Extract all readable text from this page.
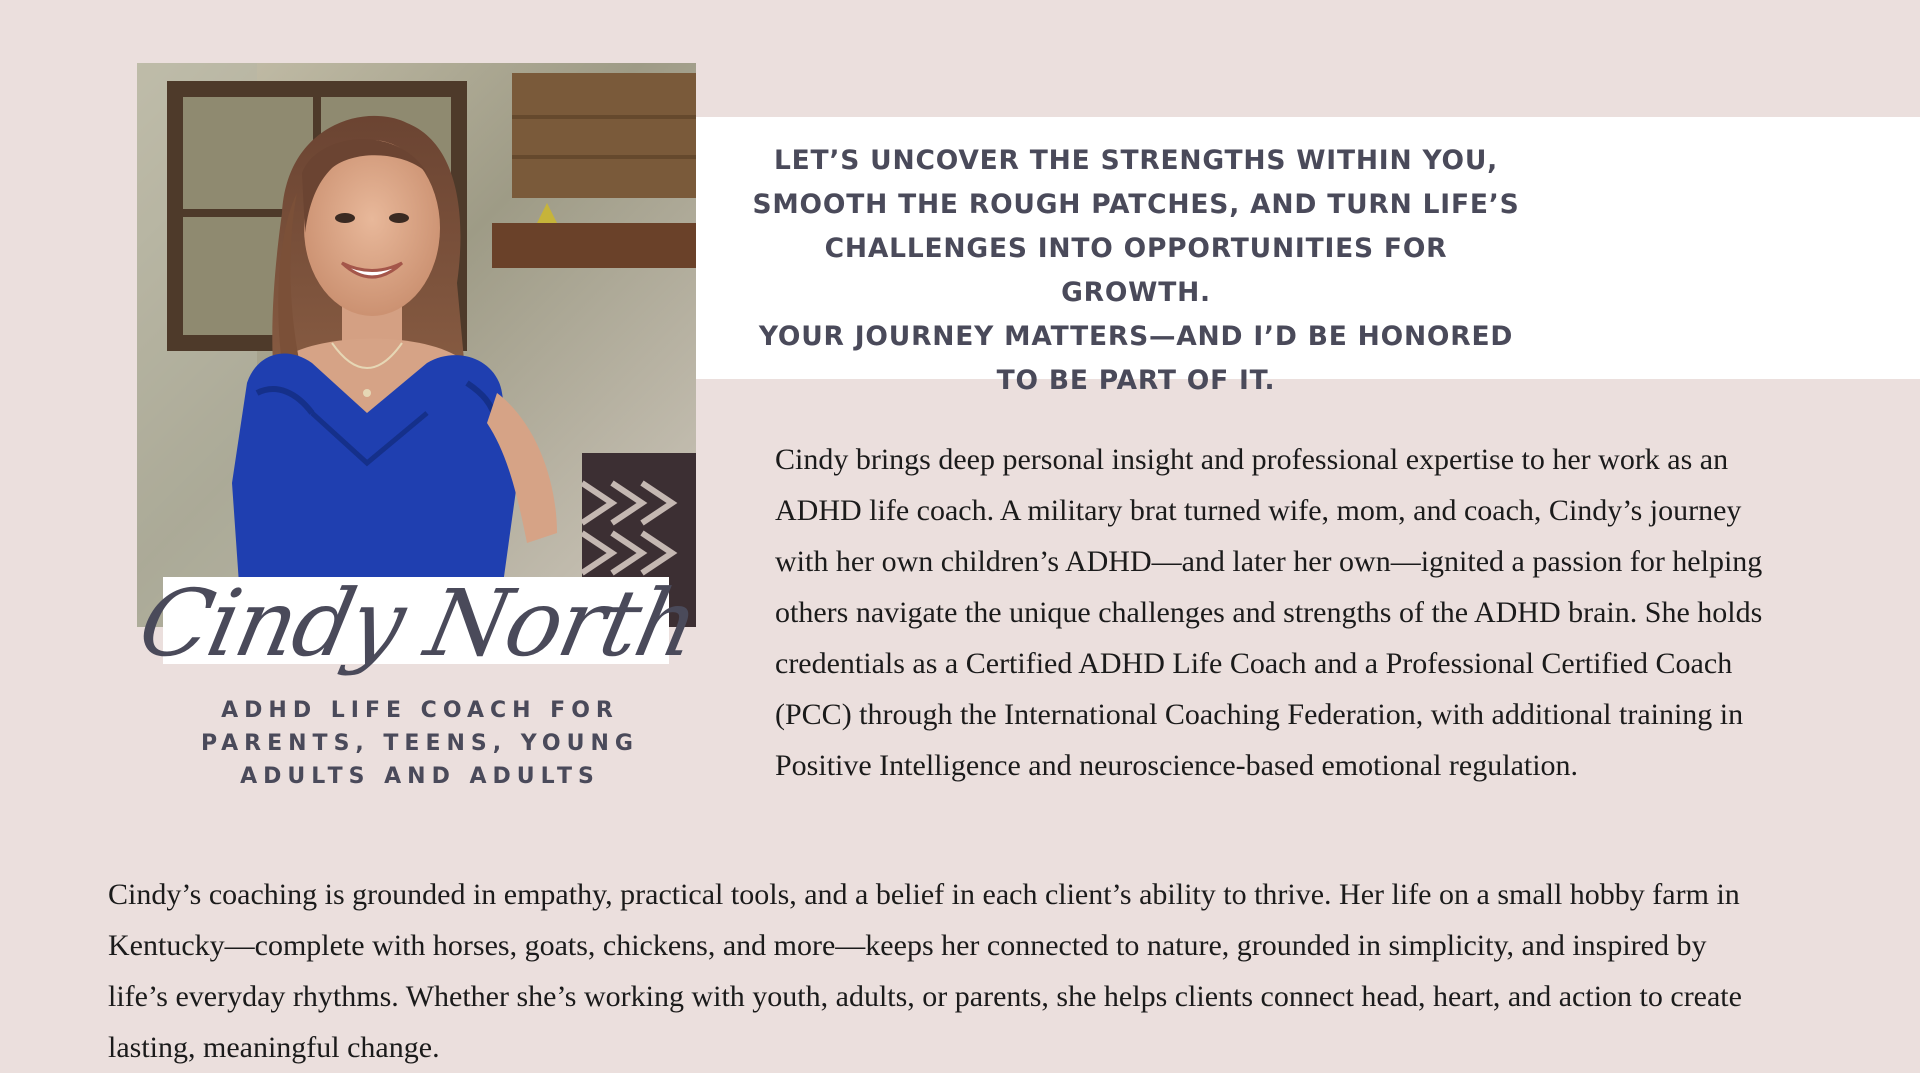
Cindy North
ADHD LIFE COACH FOR PARENTS, TEENS, YOUNG ADULTS AND ADULTS
LET’S UNCOVER THE STRENGTHS WITHIN YOU,
SMOOTH THE ROUGH PATCHES, AND TURN LIFE’S
CHALLENGES INTO OPPORTUNITIES FOR GROWTH.
YOUR JOURNEY MATTERS—AND I’D BE HONORED
TO BE PART OF IT.

Cindy brings deep personal insight and professional expertise to her work as an ADHD life coach. A military brat turned wife, mom, and coach, Cindy’s journey with her own children’s ADHD—and later her own—ignited a passion for helping others navigate the unique challenges and strengths of the ADHD brain. She holds credentials as a Certified ADHD Life Coach and a Professional Certified Coach (PCC) through the International Coaching Federation, with additional training in Positive Intelligence and neuroscience-based emotional regulation.

Cindy’s coaching is grounded in empathy, practical tools, and a belief in each client’s ability to thrive. Her life on a small hobby farm in Kentucky—complete with horses, goats, chickens, and more—keeps her connected to nature, grounded in simplicity, and inspired by life’s everyday rhythms. Whether she’s working with youth, adults, or parents, she helps clients connect head, heart, and action to create lasting, meaningful change.
